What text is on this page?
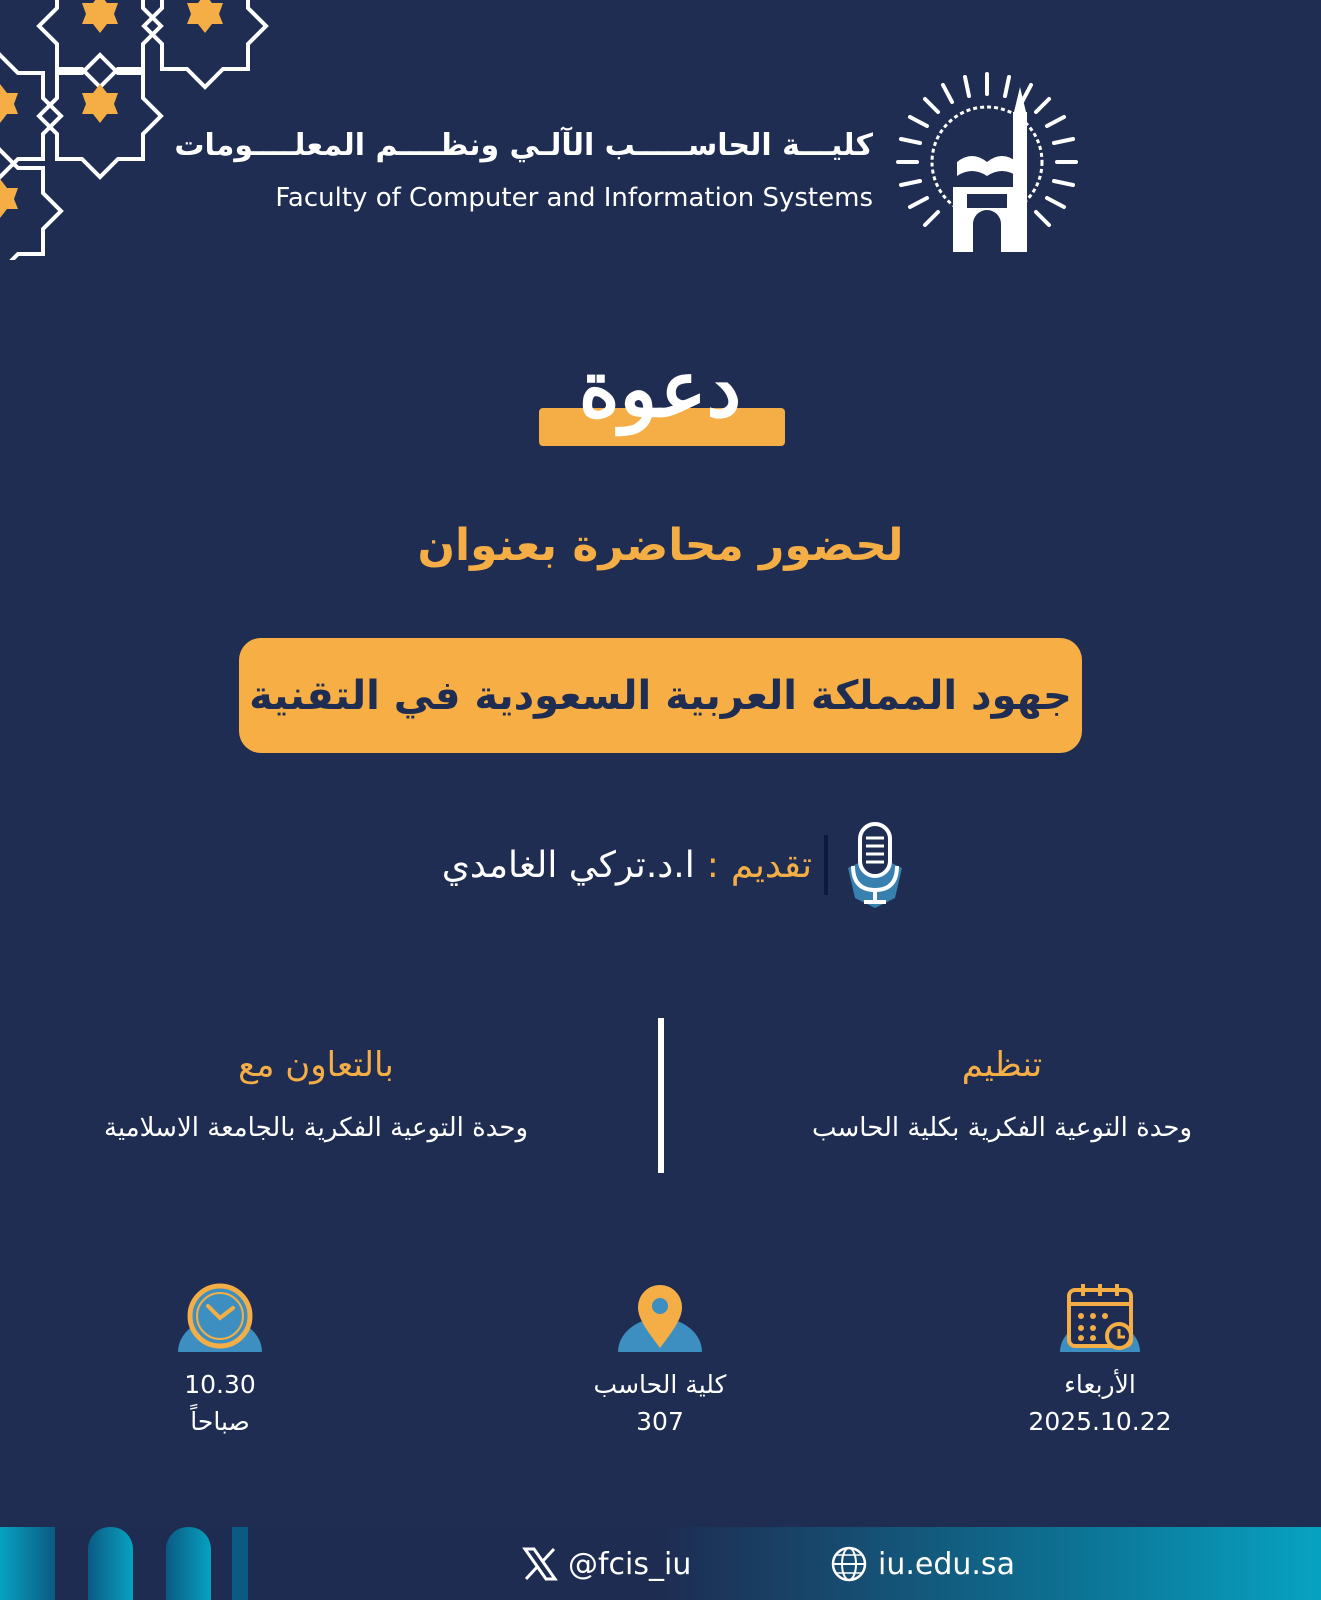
كليـــة الحاســـــب الآلـي ونظــــم المعلــــومات
Faculty of Computer and Information Systems
دعوة
لحضور محاضرة بعنوان
جهود المملكة العربية السعودية في التقنية
تقديم
:
ا.د.تركي الغامدي
تنظيم
وحدة التوعية الفكرية بكلية الحاسب
بالتعاون مع
وحدة التوعية الفكرية بالجامعة الاسلامية
الأربعاء
2025.10.22
كلية الحاسب
307
10.30
صباحاً
@fcis_iu	iu.edu.sa
